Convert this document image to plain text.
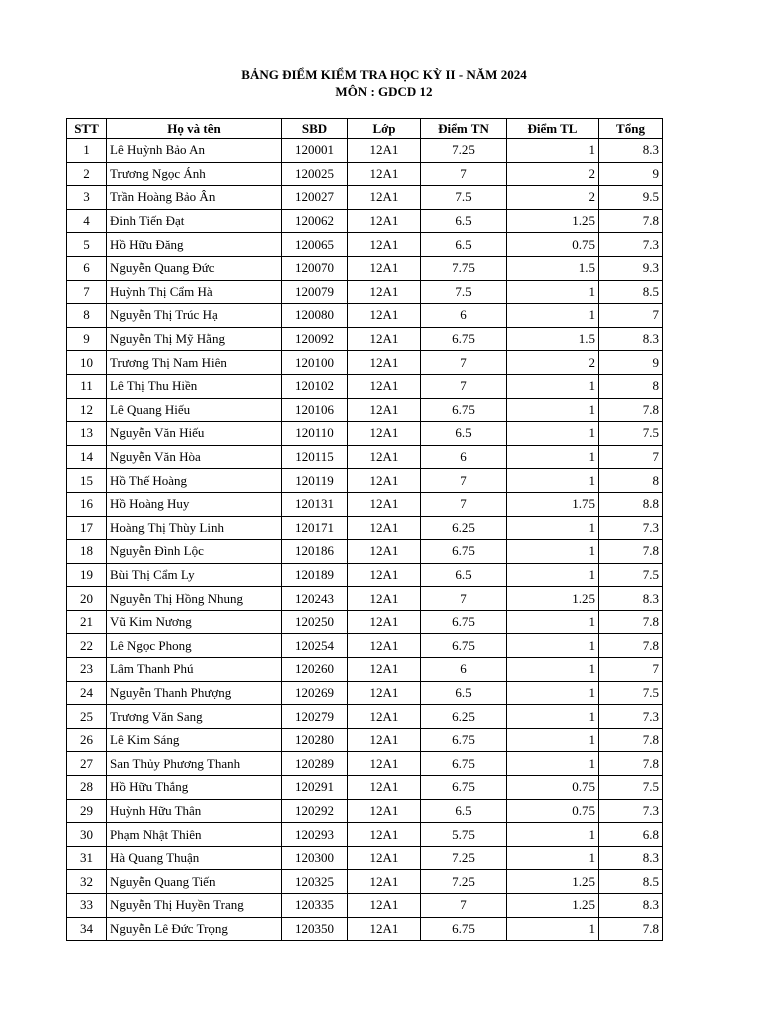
BẢNG ĐIỂM KIỂM TRA HỌC KỲ II - NĂM 2024
MÔN : GDCD 12
STT	Họ và tên	SBD	Lớp	Điểm TN	Điểm TL	Tổng
1	Lê Huỳnh Bảo An	120001	12A1	7.25	1	8.3
2	Trương Ngọc Ánh	120025	12A1	7	2	9
3	Trần Hoàng Bảo Ân	120027	12A1	7.5	2	9.5
4	Đinh Tiến Đạt	120062	12A1	6.5	1.25	7.8
5	Hồ Hữu Đăng	120065	12A1	6.5	0.75	7.3
6	Nguyễn Quang Đức	120070	12A1	7.75	1.5	9.3
7	Huỳnh Thị Cẩm Hà	120079	12A1	7.5	1	8.5
8	Nguyễn Thị Trúc Hạ	120080	12A1	6	1	7
9	Nguyễn Thị Mỹ Hằng	120092	12A1	6.75	1.5	8.3
10	Trương Thị Nam Hiên	120100	12A1	7	2	9
11	Lê Thị Thu Hiền	120102	12A1	7	1	8
12	Lê Quang Hiếu	120106	12A1	6.75	1	7.8
13	Nguyễn Văn Hiếu	120110	12A1	6.5	1	7.5
14	Nguyễn Văn Hòa	120115	12A1	6	1	7
15	Hồ Thế Hoàng	120119	12A1	7	1	8
16	Hồ Hoàng Huy	120131	12A1	7	1.75	8.8
17	Hoàng Thị Thùy Linh	120171	12A1	6.25	1	7.3
18	Nguyễn Đình Lộc	120186	12A1	6.75	1	7.8
19	Bùi Thị Cẩm Ly	120189	12A1	6.5	1	7.5
20	Nguyễn Thị Hồng Nhung	120243	12A1	7	1.25	8.3
21	Vũ Kim Nương	120250	12A1	6.75	1	7.8
22	Lê Ngọc Phong	120254	12A1	6.75	1	7.8
23	Lâm Thanh Phú	120260	12A1	6	1	7
24	Nguyễn Thanh Phượng	120269	12A1	6.5	1	7.5
25	Trương Văn Sang	120279	12A1	6.25	1	7.3
26	Lê Kim Sáng	120280	12A1	6.75	1	7.8
27	San Thủy Phương Thanh	120289	12A1	6.75	1	7.8
28	Hồ Hữu Thắng	120291	12A1	6.75	0.75	7.5
29	Huỳnh Hữu Thân	120292	12A1	6.5	0.75	7.3
30	Phạm Nhật Thiên	120293	12A1	5.75	1	6.8
31	Hà Quang Thuận	120300	12A1	7.25	1	8.3
32	Nguyễn Quang Tiến	120325	12A1	7.25	1.25	8.5
33	Nguyễn Thị Huyền Trang	120335	12A1	7	1.25	8.3
34	Nguyễn Lê Đức Trọng	120350	12A1	6.75	1	7.8
